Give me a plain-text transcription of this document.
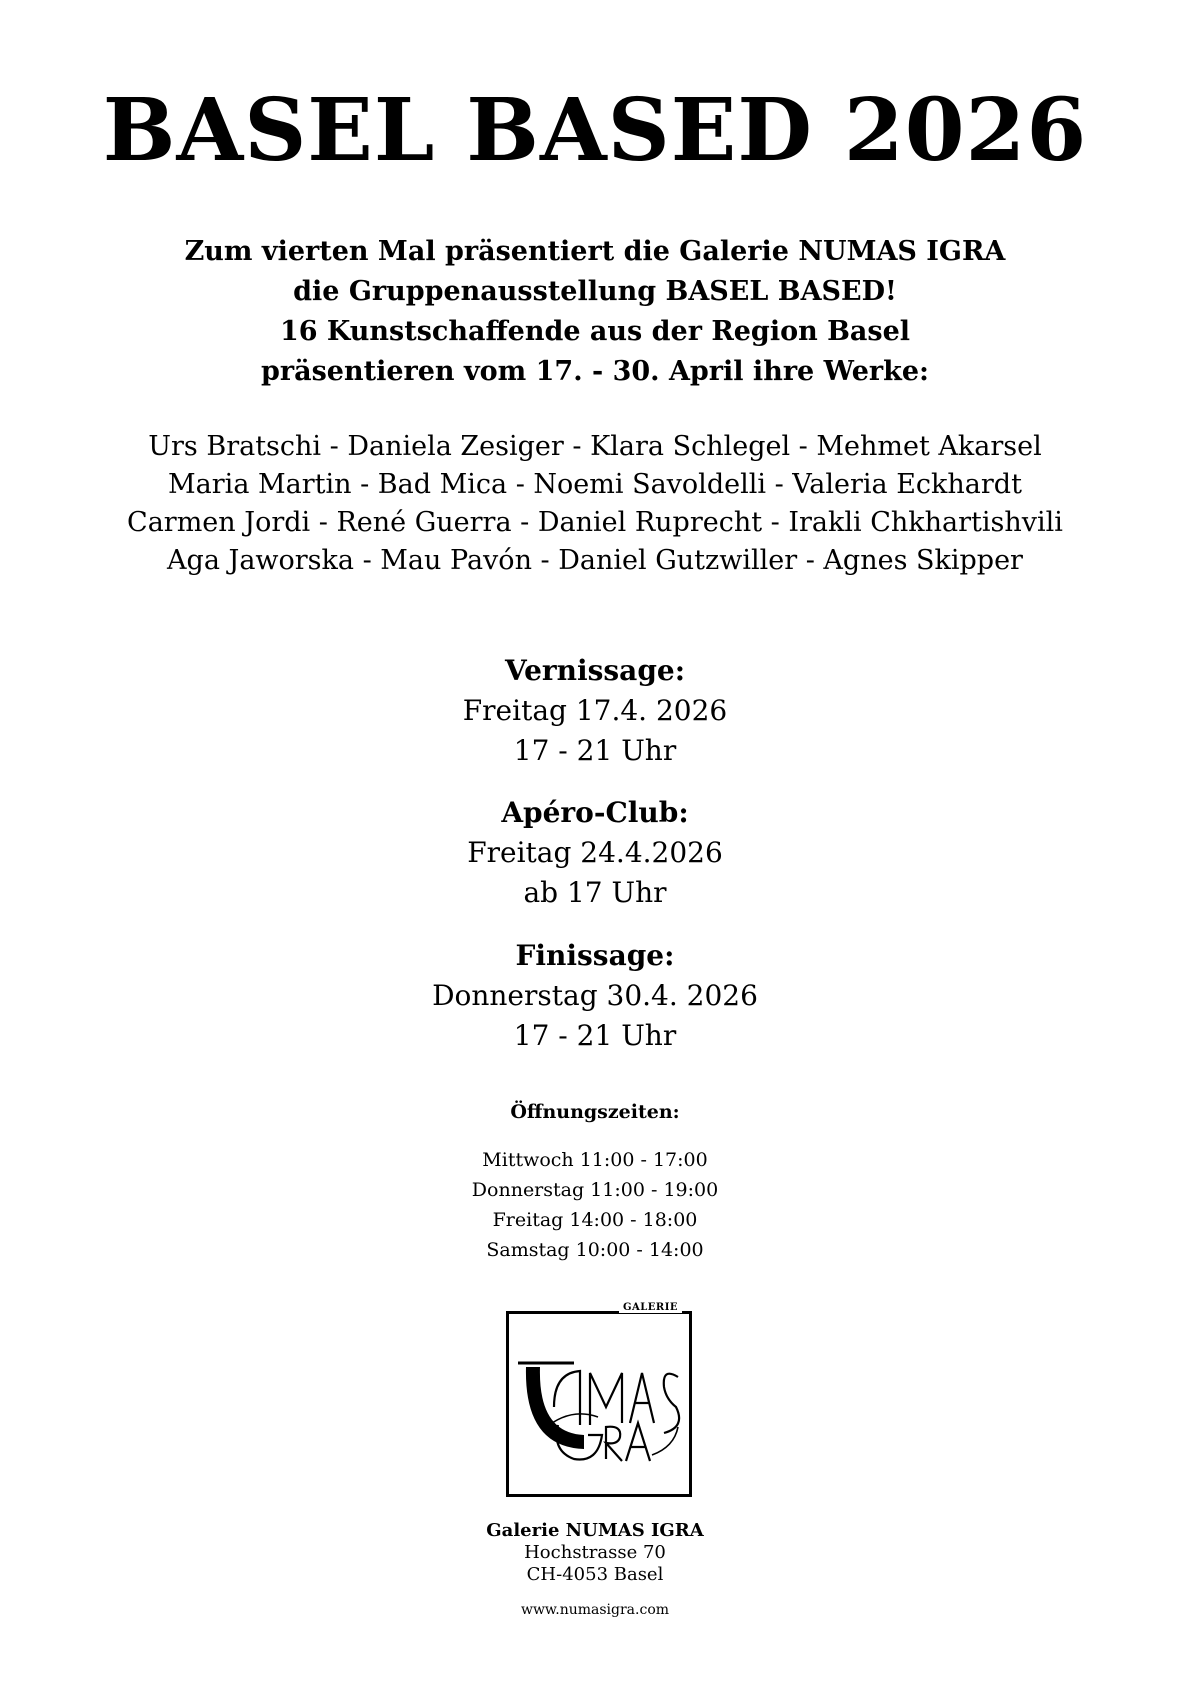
BASEL BASED 2026
Zum vierten Mal präsentiert die Galerie NUMAS IGRA
die Gruppenausstellung BASEL BASED!
16 Kunstschaffende aus der Region Basel
präsentieren vom 17. - 30. April ihre Werke:
Urs Bratschi - Daniela Zesiger - Klara Schlegel - Mehmet Akarsel
Maria Martin - Bad Mica - Noemi Savoldelli - Valeria Eckhardt
Carmen Jordi - René Guerra - Daniel Ruprecht - Irakli Chkhartishvili
Aga Jaworska - Mau Pavón - Daniel Gutzwiller - Agnes Skipper
Vernissage:
Freitag 17.4. 2026
17 - 21 Uhr
Apéro-Club:
Freitag 24.4.2026
ab 17 Uhr
Finissage:
Donnerstag 30.4. 2026
17 - 21 Uhr
Öffnungszeiten:
Mittwoch 11:00 - 17:00
Donnerstag 11:00 - 19:00
Freitag 14:00 - 18:00
Samstag 10:00 - 14:00
GALERIE
Galerie NUMAS IGRA
Hochstrasse 70
CH-4053 Basel
www.numasigra.com
